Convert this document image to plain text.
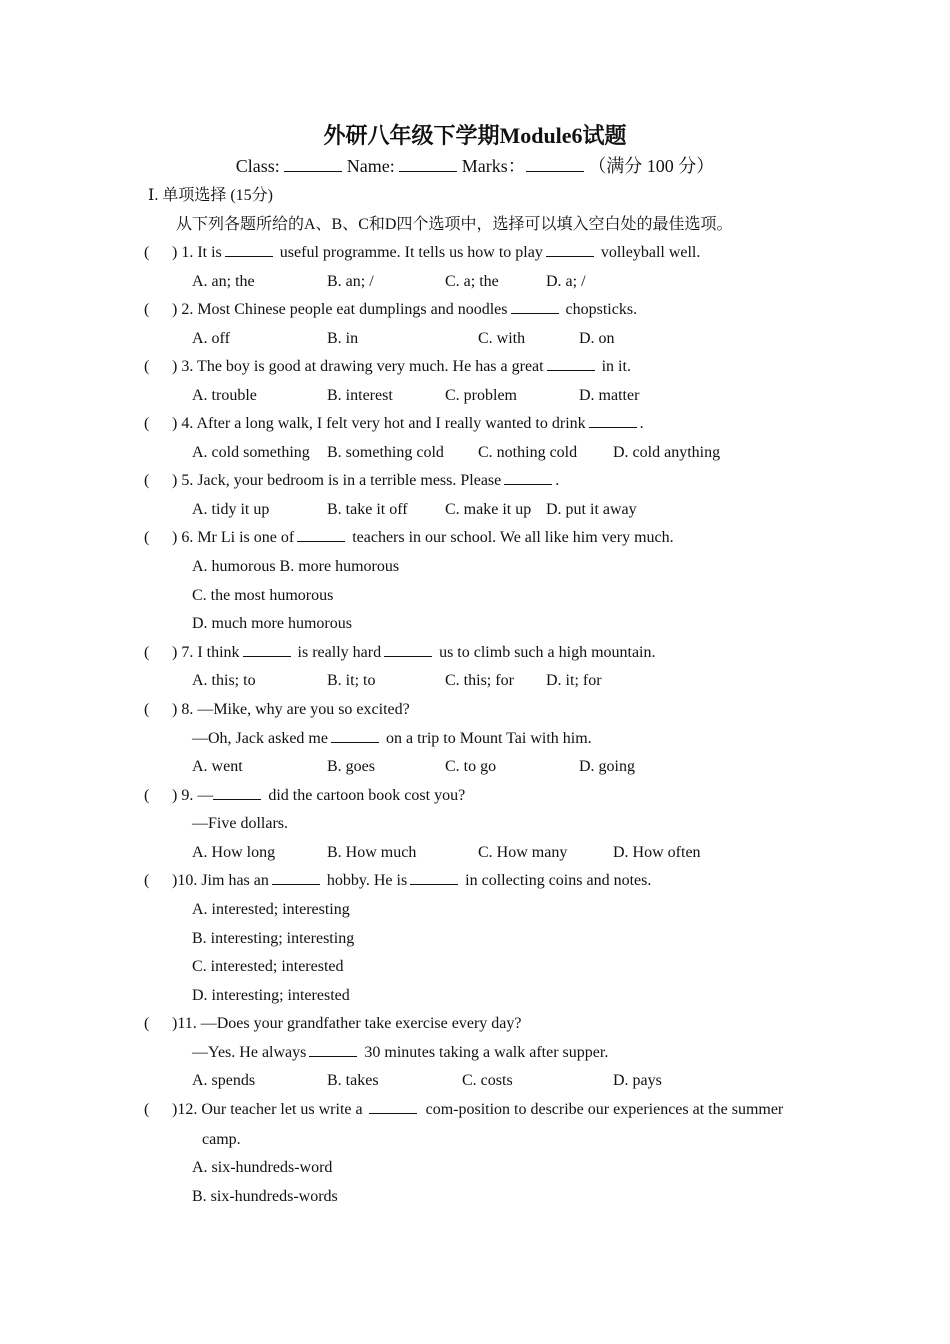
外研八年级下学期Module6试题
Class:	Name:	Marks：	（满分 100 分）
Ⅰ. 单项选择 (15分)
从下列各题所给的A、B、C和D四个选项中，选择可以填入空白处的最佳选项。
( ) 1. It is	useful programme. It tells us how to play	volleyball well.
A. an; the	B. an; /	C. a; the	D. a; /
( ) 2. Most Chinese people eat dumplings and noodles	chopsticks.
A. off	B. in	C. with	D. on
( ) 3. The boy is good at drawing very much. He has a great	in it.
A. trouble	B. interest	C. problem	D. matter
( ) 4. After a long walk, I felt very hot and I really wanted to drink	.
A. cold something B. something cold C. nothing cold D. cold anything
( ) 5. Jack, your bedroom is in a terrible mess. Please	.
A. tidy it up	B. take it off C. make it up D. put it away
( ) 6. Mr Li is one of	teachers in our school. We all like him very much.
A. humorous B. more humorous
C. the most humorous
D. much more humorous
( ) 7. I think	is really hard	us to climb such a high mountain.
A. this; to	B. it; to	C. this; for D. it; for
( ) 8. —Mike, why are you so excited?
—Oh, Jack asked me	on a trip to Mount Tai with him.
A. went	B. goes	C. to go	D. going
( ) 9. —	did the cartoon book cost you?
—Five dollars.
A. How long	B. How much	C. How many	D. How often
( )10. Jim has an	hobby. He is	in collecting coins and notes.
A. interested; interesting
B. interesting; interesting
C. interested; interested
D. interesting; interested
( )11. —Does your grandfather take exercise every day?
—Yes. He always	30 minutes taking a walk after supper.
A. spends	B. takes	C. costs	D. pays
( )12. Our teacher let us write a	com-position to describe our experiences at the summer
camp.
A. six-hundreds-word
B. six-hundreds-words
